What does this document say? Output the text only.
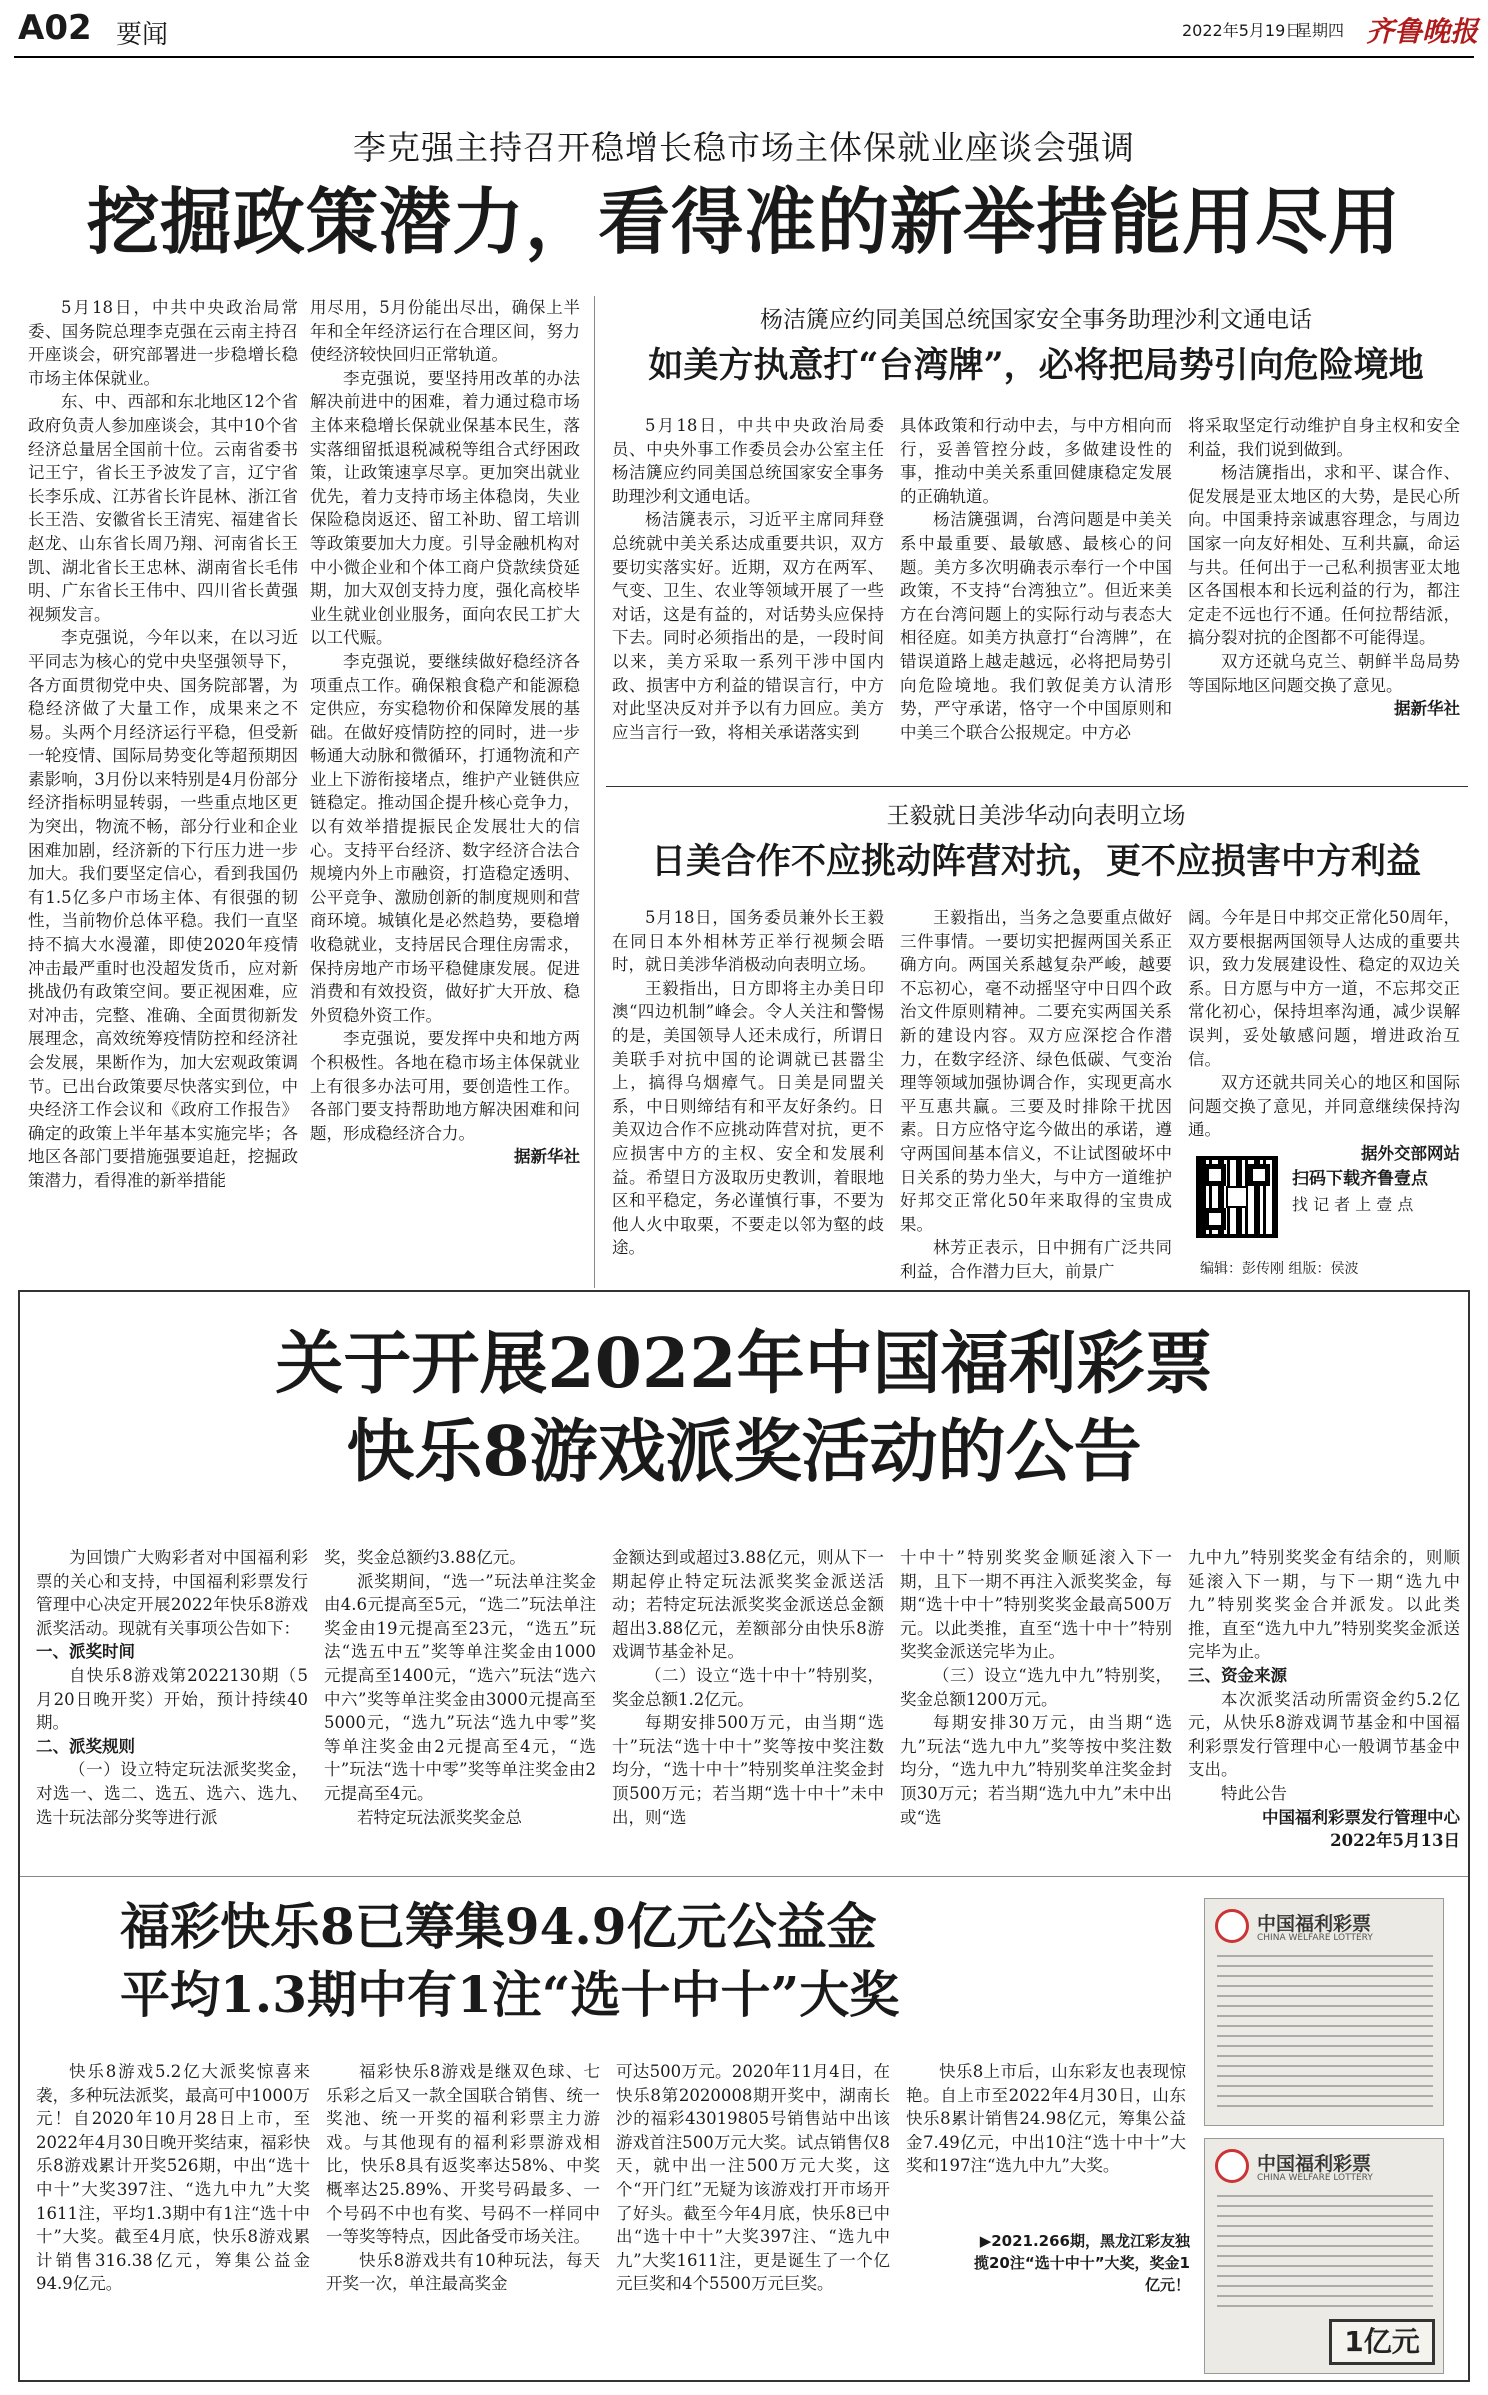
A02 要闻	2022年5月19日
星期四 齐鲁晚报
李克强主持召开稳增长稳市场主体保就业座谈会强调
挖掘政策潜力，看得准的新举措能用尽用

5月18日，中共中央政治局常委、国务院总理李克强在云南主持召开座谈会，研究部署进一步稳增长稳市场主体保就业。

东、中、西部和东北地区12个省政府负责人参加座谈会，其中10个省经济总量居全国前十位。云南省委书记王宁，省长王予波发了言，辽宁省长李乐成、江苏省长许昆林、浙江省长王浩、安徽省长王清宪、福建省长赵龙、山东省长周乃翔、河南省长王凯、湖北省长王忠林、湖南省长毛伟明、广东省长王伟中、四川省长黄强视频发言。

李克强说，今年以来，在以习近平同志为核心的党中央坚强领导下，各方面贯彻党中央、国务院部署，为稳经济做了大量工作，成果来之不易。头两个月经济运行平稳，但受新一轮疫情、国际局势变化等超预期因素影响，3月份以来特别是4月份部分经济指标明显转弱，一些重点地区更为突出，物流不畅，部分行业和企业困难加剧，经济新的下行压力进一步加大。我们要坚定信心，看到我国仍有1.5亿多户市场主体、有很强的韧性，当前物价总体平稳。我们一直坚持不搞大水漫灌，即使2020年疫情冲击最严重时也没超发货币，应对新挑战仍有政策空间。要正视困难，应对冲击，完整、准确、全面贯彻新发展理念，高效统筹疫情防控和经济社会发展，果断作为，加大宏观政策调节。已出台政策要尽快落实到位，中央经济工作会议和《政府工作报告》确定的政策上半年基本实施完毕；各地区各部门要措施强要追赶，挖掘政策潜力，看得准的新举措能

用尽用，5月份能出尽出，确保上半年和全年经济运行在合理区间，努力使经济较快回归正常轨道。

李克强说，要坚持用改革的办法解决前进中的困难，着力通过稳市场主体来稳增长保就业保基本民生，落实落细留抵退税减税等组合式纾困政策，让政策速享尽享。更加突出就业优先，着力支持市场主体稳岗，失业保险稳岗返还、留工补助、留工培训等政策要加大力度。引导金融机构对中小微企业和个体工商户贷款续贷延期，加大双创支持力度，强化高校毕业生就业创业服务，面向农民工扩大以工代赈。

李克强说，要继续做好稳经济各项重点工作。确保粮食稳产和能源稳定供应，夯实稳物价和保障发展的基础。在做好疫情防控的同时，进一步畅通大动脉和微循环，打通物流和产业上下游衔接堵点，维护产业链供应链稳定。推动国企提升核心竞争力，以有效举措提振民企发展壮大的信心。支持平台经济、数字经济合法合规境内外上市融资，打造稳定透明、公平竞争、激励创新的制度规则和营商环境。城镇化是必然趋势，要稳增收稳就业，支持居民合理住房需求，保持房地产市场平稳健康发展。促进消费和有效投资，做好扩大开放、稳外贸稳外资工作。

李克强说，要发挥中央和地方两个积极性。各地在稳市场主体保就业上有很多办法可用，要创造性工作。各部门要支持帮助地方解决困难和问题，形成稳经济合力。

据新华社

杨洁篪应约同美国总统国家安全事务助理沙利文通电话
如美方执意打“台湾牌”，必将把局势引向危险境地

5月18日，中共中央政治局委员、中央外事工作委员会办公室主任杨洁篪应约同美国总统国家安全事务助理沙利文通电话。

杨洁篪表示，习近平主席同拜登总统就中美关系达成重要共识，双方要切实落实好。近期，双方在两军、气变、卫生、农业等领域开展了一些对话，这是有益的，对话势头应保持下去。同时必须指出的是，一段时间以来，美方采取一系列干涉中国内政、损害中方利益的错误言行，中方对此坚决反对并予以有力回应。美方应当言行一致，将相关承诺落实到

具体政策和行动中去，与中方相向而行，妥善管控分歧，多做建设性的事，推动中美关系重回健康稳定发展的正确轨道。

杨洁篪强调，台湾问题是中美关系中最重要、最敏感、最核心的问题。美方多次明确表示奉行一个中国政策，不支持“台湾独立”。但近来美方在台湾问题上的实际行动与表态大相径庭。如美方执意打“台湾牌”，在错误道路上越走越远，必将把局势引向危险境地。我们敦促美方认清形势，严守承诺，恪守一个中国原则和中美三个联合公报规定。中方必

将采取坚定行动维护自身主权和安全利益，我们说到做到。

杨洁篪指出，求和平、谋合作、促发展是亚太地区的大势，是民心所向。中国秉持亲诚惠容理念，与周边国家一向友好相处、互利共赢，命运与共。任何出于一己私利损害亚太地区各国根本和长远利益的行为，都注定走不远也行不通。任何拉帮结派，搞分裂对抗的企图都不可能得逞。

双方还就乌克兰、朝鲜半岛局势等国际地区问题交换了意见。

据新华社

王毅就日美涉华动向表明立场
日美合作不应挑动阵营对抗，更不应损害中方利益

5月18日，国务委员兼外长王毅在同日本外相林芳正举行视频会晤时，就日美涉华消极动向表明立场。

王毅指出，日方即将主办美日印澳“四边机制”峰会。令人关注和警惕的是，美国领导人还未成行，所谓日美联手对抗中国的论调就已甚嚣尘上，搞得乌烟瘴气。日美是同盟关系，中日则缔结有和平友好条约。日美双边合作不应挑动阵营对抗，更不应损害中方的主权、安全和发展利益。希望日方汲取历史教训，着眼地区和平稳定，务必谨慎行事，不要为他人火中取栗，不要走以邻为壑的歧途。

王毅指出，当务之急要重点做好三件事情。一要切实把握两国关系正确方向。两国关系越复杂严峻，越要不忘初心，毫不动摇坚守中日四个政治文件原则精神。二要充实两国关系新的建设内容。双方应深挖合作潜力，在数字经济、绿色低碳、气变治理等领域加强协调合作，实现更高水平互惠共赢。三要及时排除干扰因素。日方应恪守迄今做出的承诺，遵守两国间基本信义，不让试图破坏中日关系的势力坐大，与中方一道维护好邦交正常化50年来取得的宝贵成果。

林芳正表示，日中拥有广泛共同利益，合作潜力巨大，前景广

阔。今年是日中邦交正常化50周年，双方要根据两国领导人达成的重要共识，致力发展建设性、稳定的双边关系。日方愿与中方一道，不忘邦交正常化初心，保持坦率沟通，减少误解误判，妥处敏感问题，增进政治互信。

双方还就共同关心的地区和国际问题交换了意见，并同意继续保持沟通。

据外交部网站

扫码下载齐鲁壹点
找 记 者 上 壹 点
编辑：彭传刚 组版：侯波
关于开展2022年中国福利彩票
快乐8游戏派奖活动的公告

为回馈广大购彩者对中国福利彩票的关心和支持，中国福利彩票发行管理中心决定开展2022年快乐8游戏派奖活动。现就有关事项公告如下：

一、派奖时间

自快乐8游戏第2022130期（5月20日晚开奖）开始，预计持续40期。

二、派奖规则

（一）设立特定玩法派奖奖金，对选一、选二、选五、选六、选九、选十玩法部分奖等进行派

奖，奖金总额约3.88亿元。

派奖期间，“选一”玩法单注奖金由4.6元提高至5元，“选二”玩法单注奖金由19元提高至23元，“选五”玩法“选五中五”奖等单注奖金由1000元提高至1400元，“选六”玩法“选六中六”奖等单注奖金由3000元提高至5000元，“选九”玩法“选九中零”奖等单注奖金由2元提高至4元，“选十”玩法“选十中零”奖等单注奖金由2元提高至4元。

若特定玩法派奖奖金总

金额达到或超过3.88亿元，则从下一期起停止特定玩法派奖奖金派送活动；若特定玩法派奖奖金派送总金额超出3.88亿元，差额部分由快乐8游戏调节基金补足。

（二）设立“选十中十”特别奖，奖金总额1.2亿元。

每期安排500万元，由当期“选十”玩法“选十中十”奖等按中奖注数均分，“选十中十”特别奖单注奖金封顶500万元；若当期“选十中十”未中出，则“选

十中十”特别奖奖金顺延滚入下一期，且下一期不再注入派奖奖金，每期“选十中十”特别奖奖金最高500万元。以此类推，直至“选十中十”特别奖奖金派送完毕为止。

（三）设立“选九中九”特别奖，奖金总额1200万元。

每期安排30万元，由当期“选九”玩法“选九中九”奖等按中奖注数均分，“选九中九”特别奖单注奖金封顶30万元；若当期“选九中九”未中出或“选

九中九”特别奖奖金有结余的，则顺延滚入下一期，与下一期“选九中九”特别奖奖金合并派发。以此类推，直至“选九中九”特别奖奖金派送完毕为止。

三、资金来源

本次派奖活动所需资金约5.2亿元，从快乐8游戏调节基金和中国福利彩票发行管理中心一般调节基金中支出。

特此公告

中国福利彩票发行管理中心

2022年5月13日

福彩快乐8已筹集94.9亿元公益金
平均1.3期中有1注“选十中十”大奖

快乐8游戏5.2亿大派奖惊喜来袭，多种玩法派奖，最高可中1000万元！自2020年10月28日上市，至2022年4月30日晚开奖结束，福彩快乐8游戏累计开奖526期，中出“选十中十”大奖397注、“选九中九”大奖1611注，平均1.3期中有1注“选十中十”大奖。截至4月底，快乐8游戏累计销售316.38亿元，筹集公益金94.9亿元。

福彩快乐8游戏是继双色球、七乐彩之后又一款全国联合销售、统一奖池、统一开奖的福利彩票主力游戏。与其他现有的福利彩票游戏相比，快乐8具有返奖率达58%、中奖概率达25.89%、开奖号码最多、一个号码不中也有奖、号码不一样同中一等奖等特点，因此备受市场关注。

快乐8游戏共有10种玩法，每天开奖一次，单注最高奖金

可达500万元。2020年11月4日，在快乐8第2020008期开奖中，湖南长沙的福彩43019805号销售站中出该游戏首注500万元大奖。试点销售仅8天，就中出一注500万元大奖，这个“开门红”无疑为该游戏打开市场开了好头。截至今年4月底，快乐8已中出“选十中十”大奖397注、“选九中九”大奖1611注，更是诞生了一个亿元巨奖和4个5500万元巨奖。

快乐8上市后，山东彩友也表现惊艳。自上市至2022年4月30日，山东快乐8累计销售24.98亿元，筹集公益金7.49亿元，中出10注“选十中十”大奖和197注“选九中九”大奖。

中国福利彩票
CHINA WELFARE LOTTERY
中国福利彩票
CHINA WELFARE LOTTERY
1亿元
▶2021.266期，黑龙江彩友独揽20注“选十中十”大奖，奖金1亿元！
